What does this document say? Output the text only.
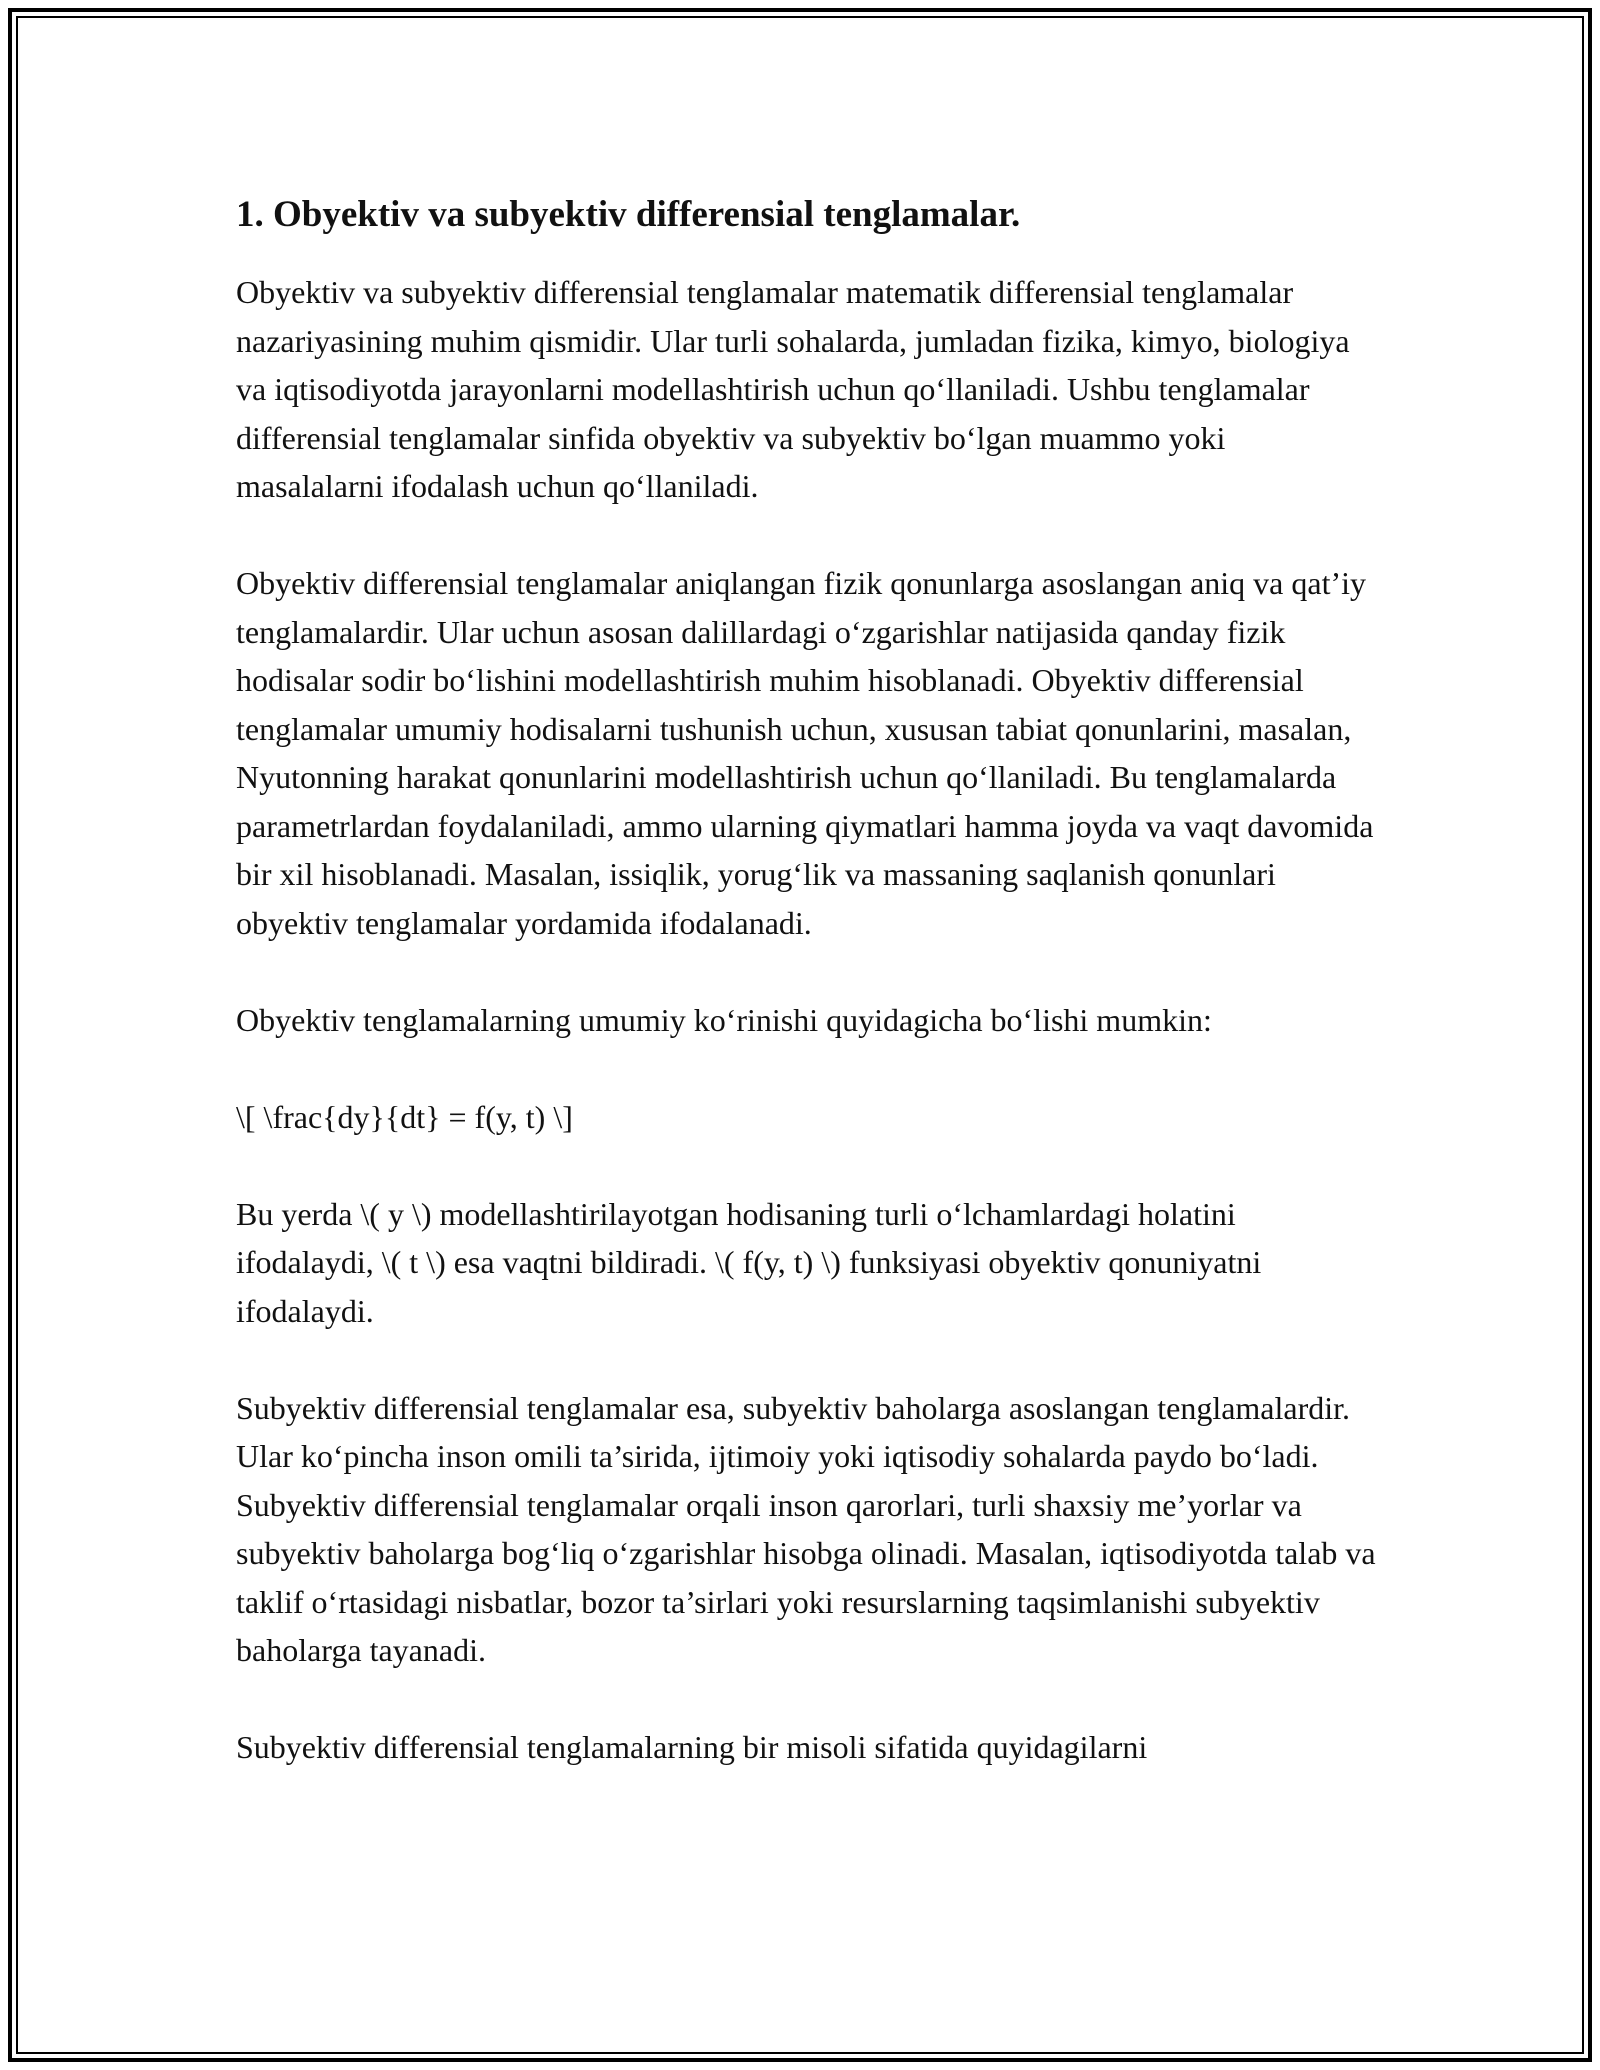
1. Obyektiv va subyektiv differensial tenglamalar.

Obyektiv va subyektiv differensial tenglamalar matematik differensial tenglamalar nazariyasining muhim qismidir. Ular turli sohalarda, jumladan fizika, kimyo, biologiya va iqtisodiyotda jarayonlarni modellashtirish uchun qo‘llaniladi. Ushbu tenglamalar differensial tenglamalar sinfida obyektiv va subyektiv bo‘lgan muammo yoki masalalarni ifodalash uchun qo‘llaniladi.

Obyektiv differensial tenglamalar aniqlangan fizik qonunlarga asoslangan aniq va qat’iy tenglamalardir. Ular uchun asosan dalillardagi o‘zgarishlar natijasida qanday fizik hodisalar sodir bo‘lishini modellashtirish muhim hisoblanadi. Obyektiv differensial tenglamalar umumiy hodisalarni tushunish uchun, xususan tabiat qonunlarini, masalan, Nyutonning harakat qonunlarini modellashtirish uchun qo‘llaniladi. Bu tenglamalarda parametrlardan foydalaniladi, ammo ularning qiymatlari hamma joyda va vaqt davomida bir xil hisoblanadi. Masalan, issiqlik, yorug‘lik va massaning saqlanish qonunlari obyektiv tenglamalar yordamida ifodalanadi.

Obyektiv tenglamalarning umumiy ko‘rinishi quyidagicha bo‘lishi mumkin:

\[ \frac{dy}{dt} = f(y, t) \]

Bu yerda \( y \) modellashtirilayotgan hodisaning turli o‘lchamlardagi holatini ifodalaydi, \( t \) esa vaqtni bildiradi. \( f(y, t) \) funksiyasi obyektiv qonuniyatni ifodalaydi.

Subyektiv differensial tenglamalar esa, subyektiv baholarga asoslangan tenglamalardir. Ular ko‘pincha inson omili ta’sirida, ijtimoiy yoki iqtisodiy sohalarda paydo bo‘ladi. Subyektiv differensial tenglamalar orqali inson qarorlari, turli shaxsiy me’yorlar va subyektiv baholarga bog‘liq o‘zgarishlar hisobga olinadi. Masalan, iqtisodiyotda talab va taklif o‘rtasidagi nisbatlar, bozor ta’sirlari yoki resurslarning taqsimlanishi subyektiv baholarga tayanadi.

Subyektiv differensial tenglamalarning bir misoli sifatida quyidagilarni
